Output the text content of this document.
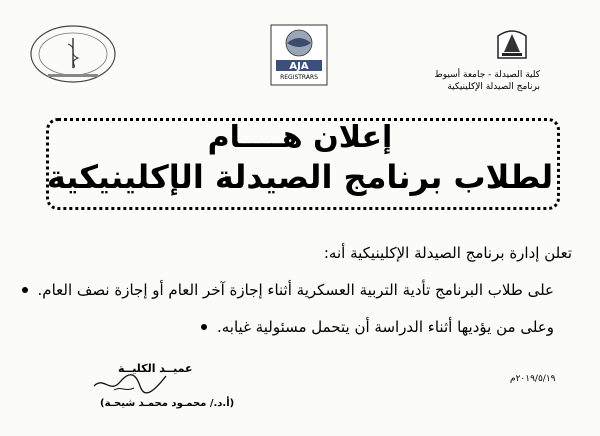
AJA
REGISTRARS	كلية الصيدلة - جامعة أسيوط
برنامج الصيدلة الإكلينيكية
إعلان هــــام
لطلاب برنامج الصيدلة الإكلينيكية
تعلن إدارة برنامج الصيدلة الإكلينيكية أنه:
على طلاب البرنامج تأدية التربية العسكرية أثناء إجازة آخر العام أو إجازة نصف العام.
وعلى من يؤديها أثناء الدراسة أن يتحمل مسئولية غيابه.
٢٠١٩/٥/١٩م
عميــد الكليــة
(أ.د./ محمـود محمـد شيحـة)
